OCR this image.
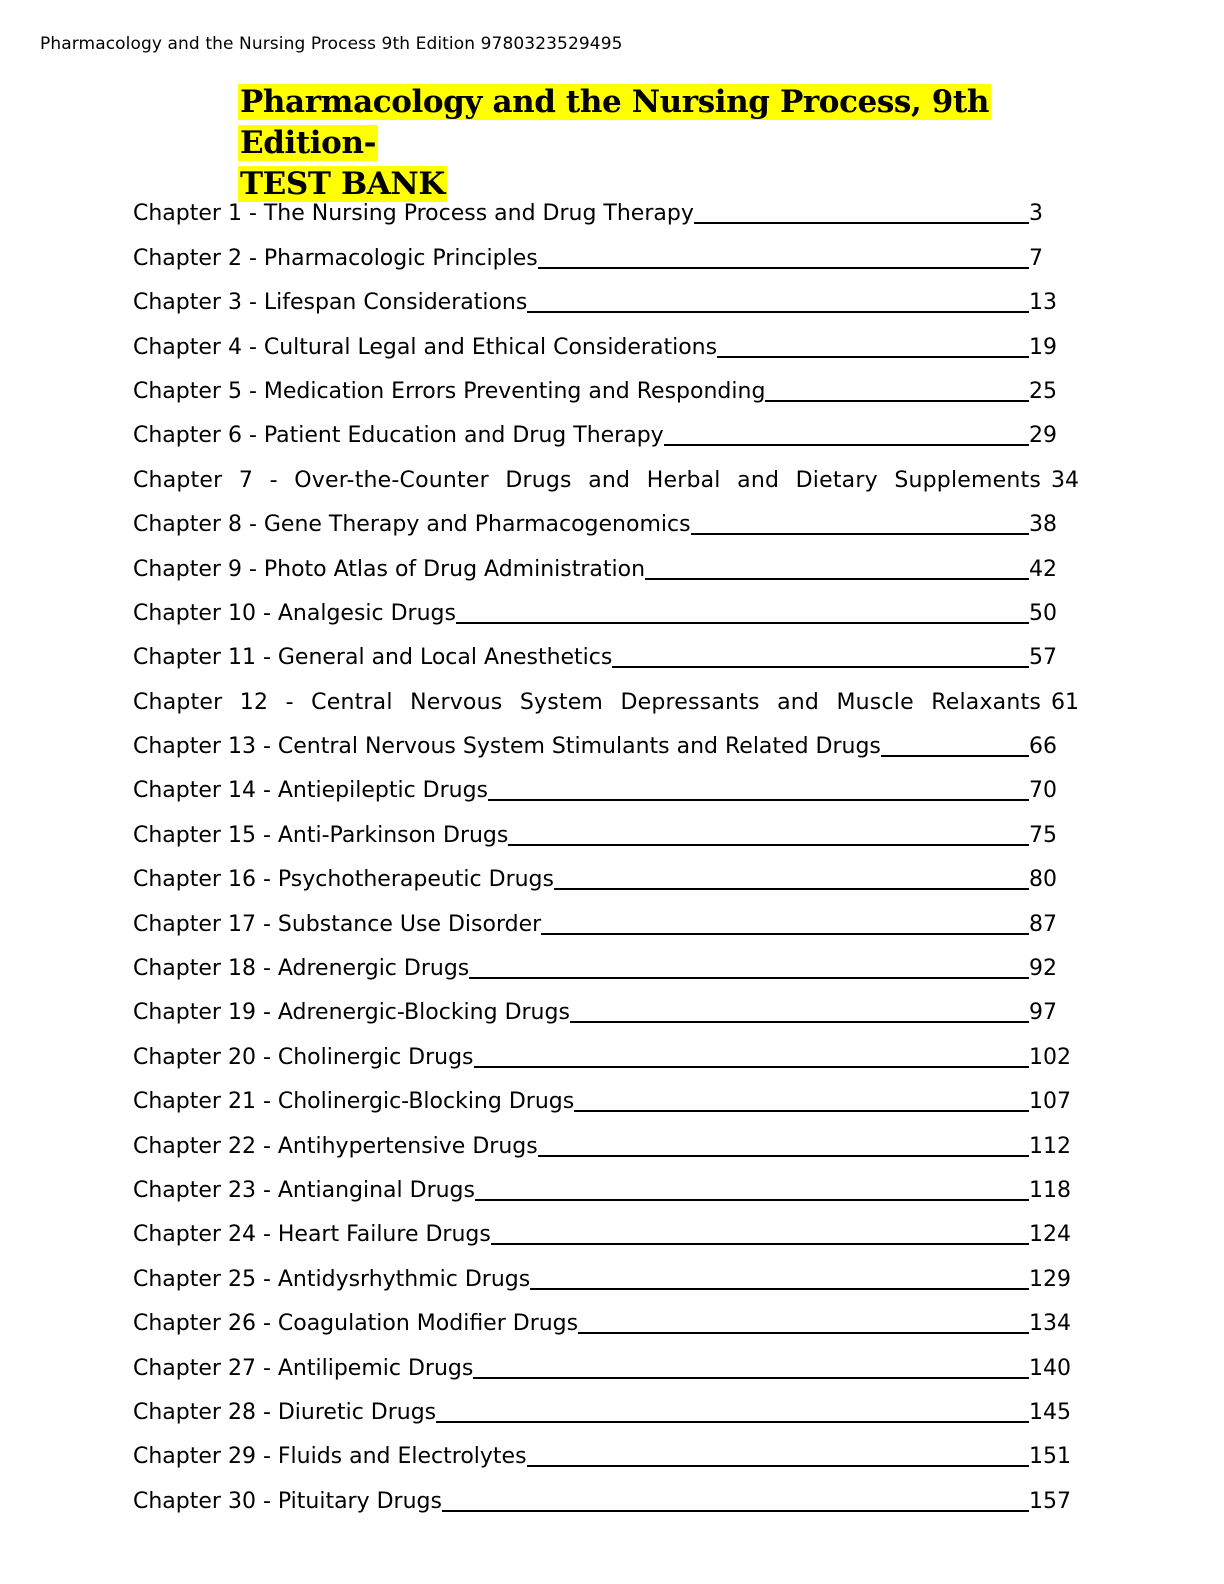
Pharmacology and the Nursing Process 9th Edition 9780323529495
Pharmacology and the Nursing Process, 9th Edition-
TEST BANK
Chapter 1 - The Nursing Process and Drug Therapy	3
Chapter 2 - Pharmacologic Principles	7
Chapter 3 - Lifespan Considerations	13
Chapter 4 - Cultural Legal and Ethical Considerations	19
Chapter 5 - Medication Errors Preventing and Responding	25
Chapter 6 - Patient Education and Drug Therapy	29
Chapter 7 - Over-the-Counter Drugs and Herbal and Dietary Supplements 34
Chapter 8 - Gene Therapy and Pharmacogenomics	38
Chapter 9 - Photo Atlas of Drug Administration	42
Chapter 10 - Analgesic Drugs	50
Chapter 11 - General and Local Anesthetics	57
Chapter 12 - Central Nervous System Depressants and Muscle Relaxants 61
Chapter 13 - Central Nervous System Stimulants and Related Drugs	66
Chapter 14 - Antiepileptic Drugs	70
Chapter 15 - Anti-Parkinson Drugs	75
Chapter 16 - Psychotherapeutic Drugs	80
Chapter 17 - Substance Use Disorder	87
Chapter 18 - Adrenergic Drugs	92
Chapter 19 - Adrenergic-Blocking Drugs	97
Chapter 20 - Cholinergic Drugs	102
Chapter 21 - Cholinergic-Blocking Drugs	107
Chapter 22 - Antihypertensive Drugs	112
Chapter 23 - Antianginal Drugs	118
Chapter 24 - Heart Failure Drugs	124
Chapter 25 - Antidysrhythmic Drugs	129
Chapter 26 - Coagulation Modifier Drugs	134
Chapter 27 - Antilipemic Drugs	140
Chapter 28 - Diuretic Drugs	145
Chapter 29 - Fluids and Electrolytes	151
Chapter 30 - Pituitary Drugs	157
